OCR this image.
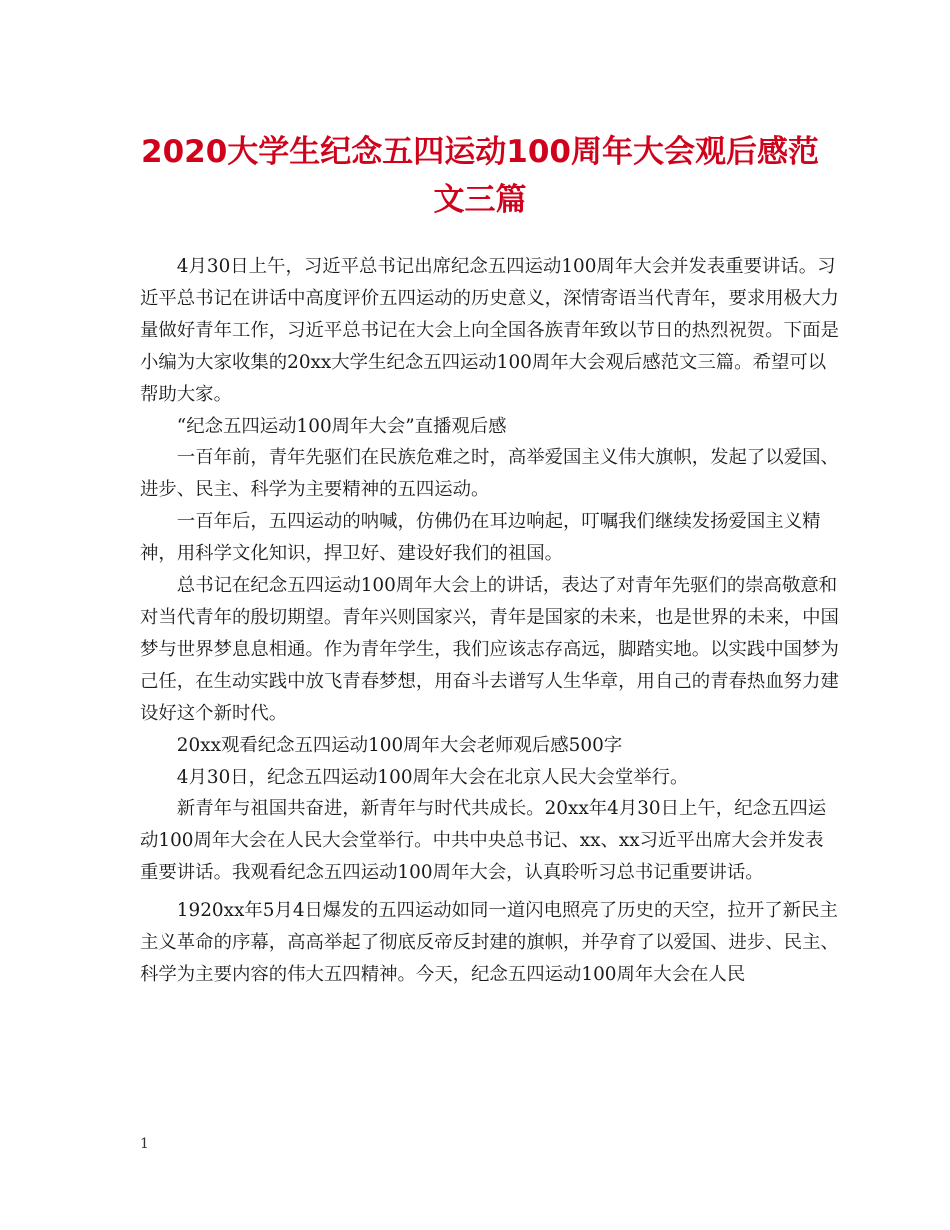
2020大学生纪念五四运动100周年大会观后感范文三篇

4月30日上午，习近平总书记出席纪念五四运动100周年大会并发表重要讲话。习近平总书记在讲话中高度评价五四运动的历史意义，深情寄语当代青年，要求用极大力量做好青年工作，习近平总书记在大会上向全国各族青年致以节日的热烈祝贺。下面是小编为大家收集的20xx大学生纪念五四运动100周年大会观后感范文三篇。希望可以帮助大家。

“纪念五四运动100周年大会”直播观后感

一百年前，青年先驱们在民族危难之时，高举爱国主义伟大旗帜，发起了以爱国、进步、民主、科学为主要精神的五四运动。

一百年后，五四运动的呐喊，仿佛仍在耳边响起，叮嘱我们继续发扬爱国主义精神，用科学文化知识，捍卫好、建设好我们的祖国。

总书记在纪念五四运动100周年大会上的讲话，表达了对青年先驱们的崇高敬意和对当代青年的殷切期望。青年兴则国家兴，青年是国家的未来，也是世界的未来，中国梦与世界梦息息相通。作为青年学生，我们应该志存高远，脚踏实地。以实践中国梦为己任，在生动实践中放飞青春梦想，用奋斗去谱写人生华章，用自己的青春热血努力建设好这个新时代。

20xx观看纪念五四运动100周年大会老师观后感500字

4月30日，纪念五四运动100周年大会在北京人民大会堂举行。

新青年与祖国共奋进，新青年与时代共成长。20xx年4月30日上午，纪念五四运动100周年大会在人民大会堂举行。中共中央总书记、xx、xx习近平出席大会并发表重要讲话。我观看纪念五四运动100周年大会，认真聆听习总书记重要讲话。

1920xx年5月4日爆发的五四运动如同一道闪电照亮了历史的天空，拉开了新民主主义革命的序幕，高高举起了彻底反帝反封建的旗帜，并孕育了以爱国、进步、民主、科学为主要内容的伟大五四精神。今天，纪念五四运动100周年大会在人民

1
